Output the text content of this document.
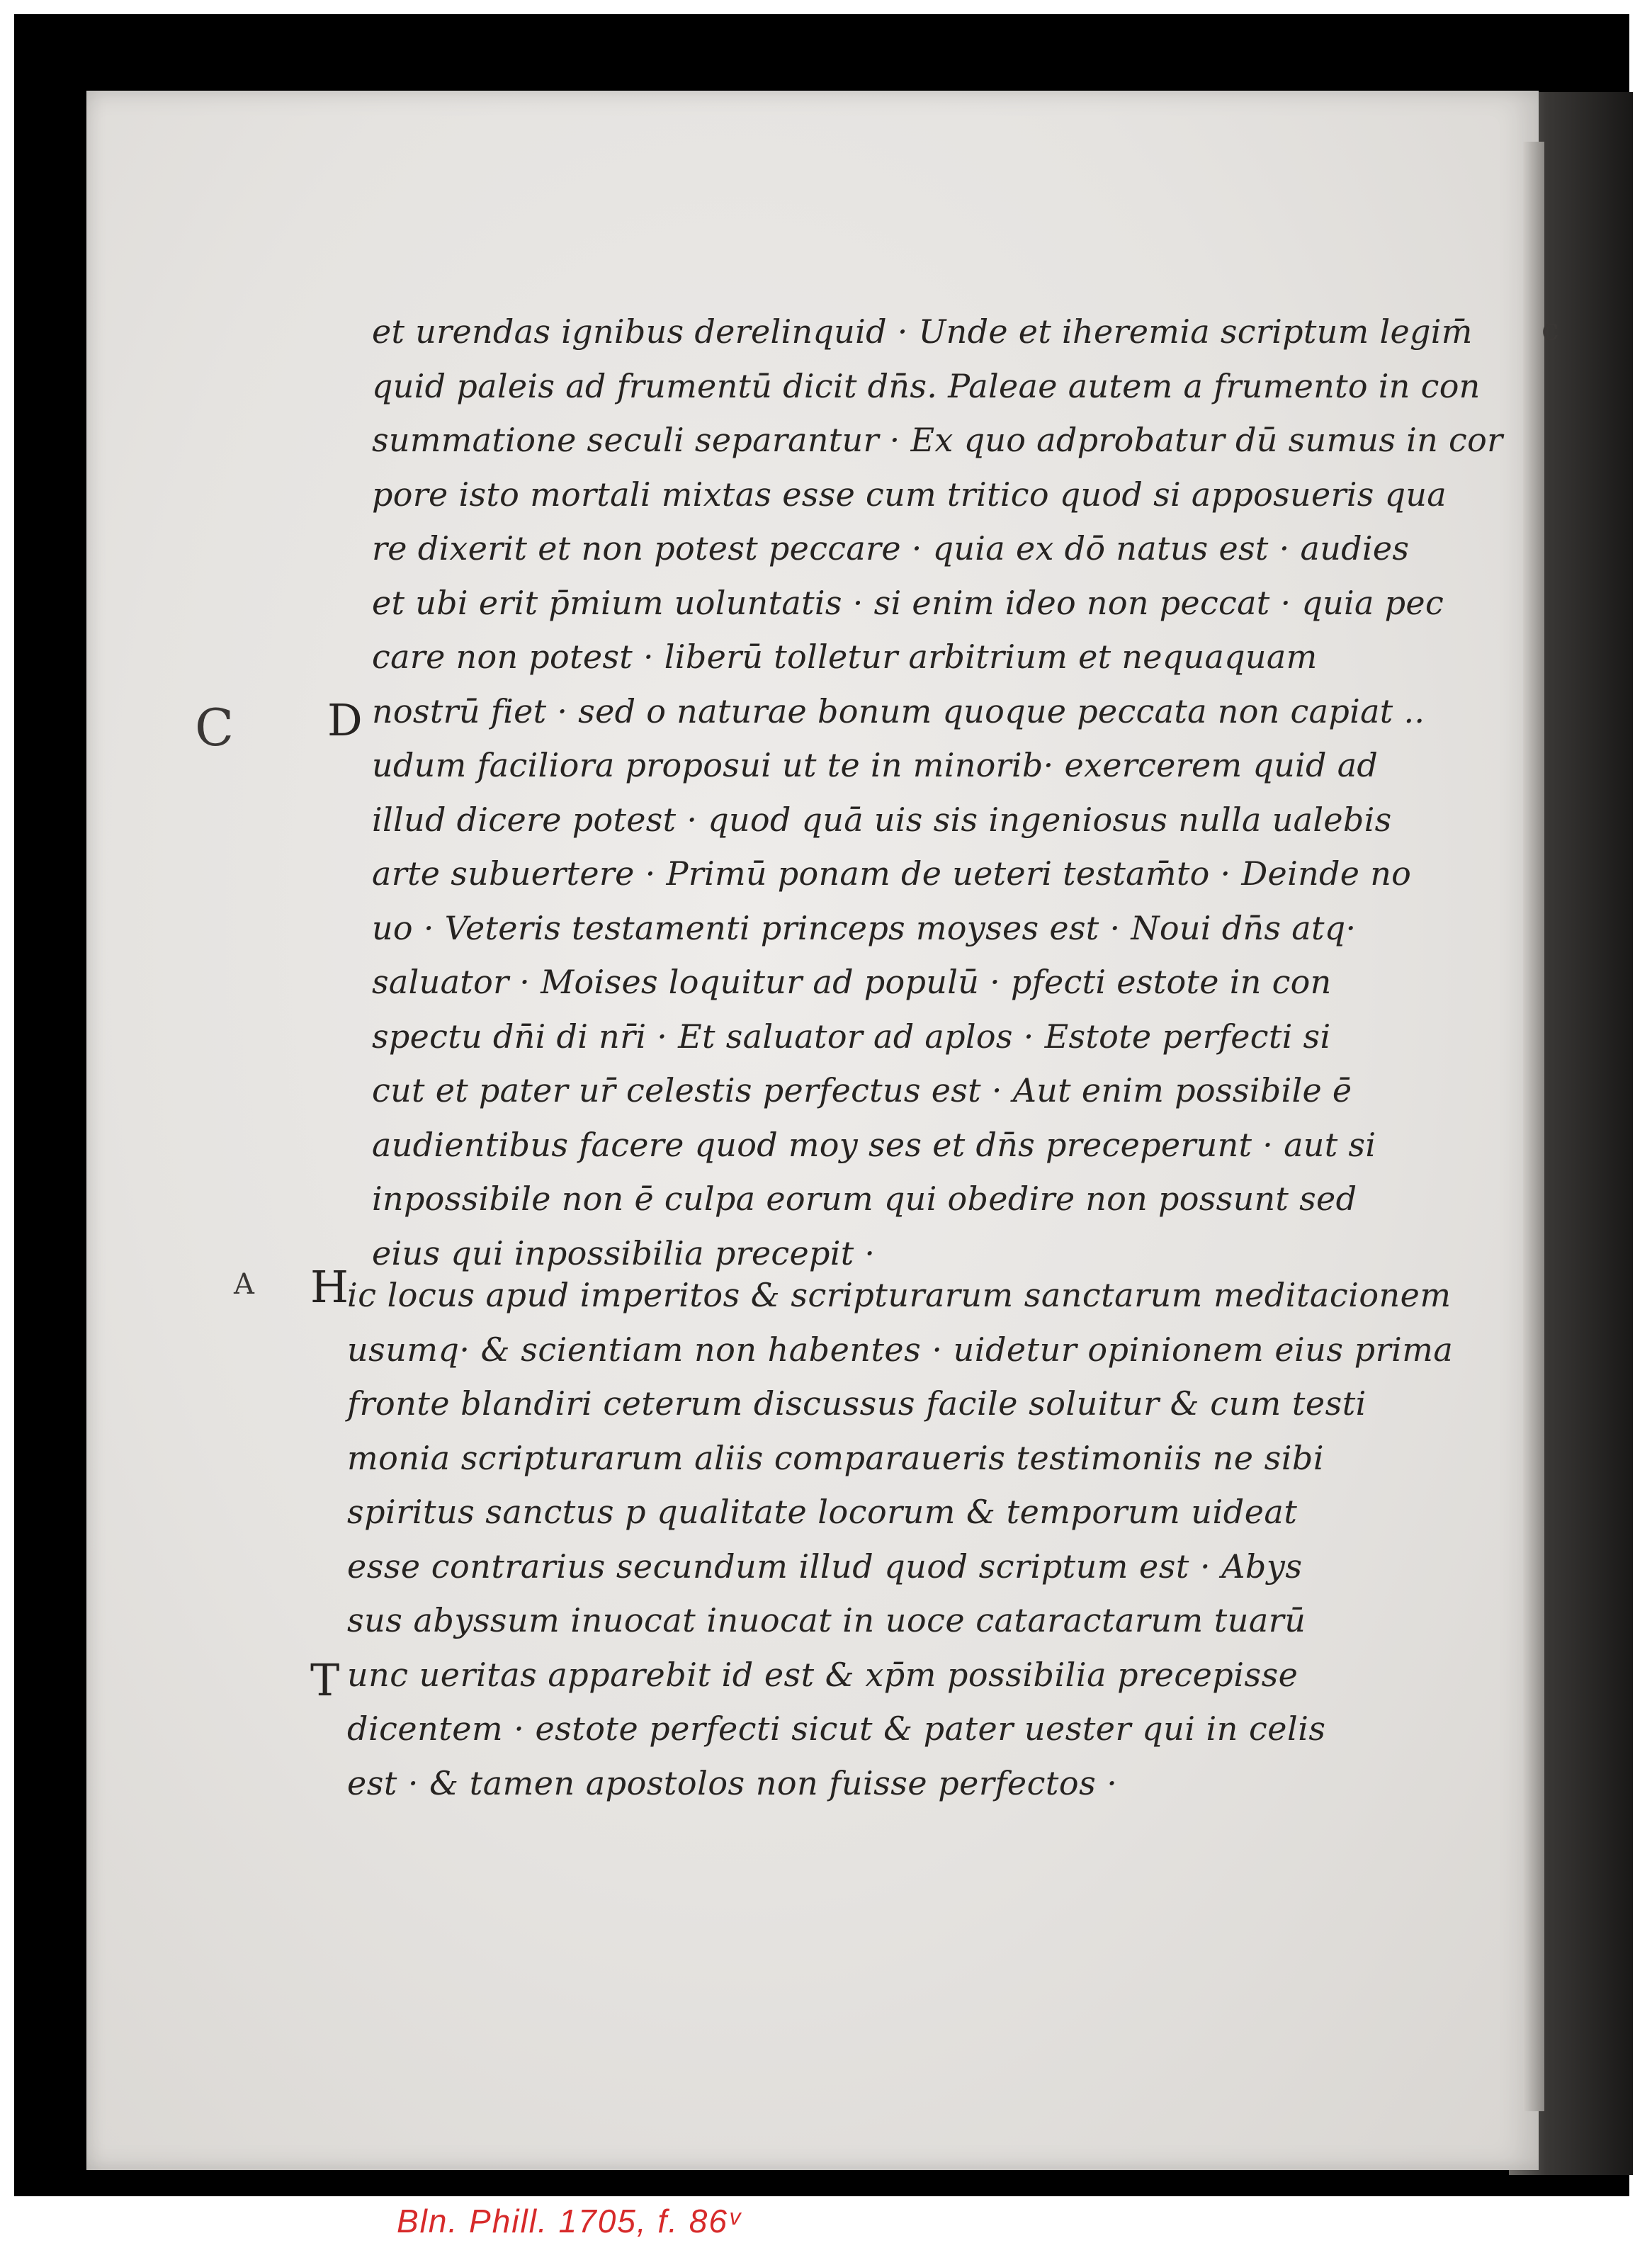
c
C
A
D
H
T
et urendas ignibus derelinquid · Unde et iheremia scriptum legim̄
quid paleis ad frumentū dicit dn̄s. Paleae autem a frumento in con
summatione seculi separantur · Ex quo adprobatur dū sumus in cor
pore isto mortali mixtas esse cum tritico quod si apposueris qua
re dixerit et non potest peccare · quia ex dō natus est · audies
et ubi erit p̄mium uoluntatis · si enim ideo non peccat · quia pec
care non potest · liberū tolletur arbitrium et nequaquam
nostrū fiet · sed o naturae bonum quoque peccata non capiat ..
udum faciliora proposui ut te in minorib· exercerem quid ad
illud dicere potest · quod quā uis sis ingeniosus nulla ualebis
arte subuertere · Primū ponam de ueteri testam̄to · Deinde no
uo · Veteris testamenti princeps moyses est · Noui dn̄s atq·
saluator · Moises loquitur ad populū · pfecti estote in con
spectu dn̄i di nr̄i · Et saluator ad aplos · Estote perfecti si
cut et pater ur̄ celestis perfectus est · Aut enim possibile ē
audientibus facere quod moy ses et dn̄s preceperunt · aut si
inpossibile non ē culpa eorum qui obedire non possunt sed
eius qui inpossibilia precepit ·
ic locus apud imperitos & scripturarum sanctarum meditacionem
usumq· & scientiam non habentes · uidetur opinionem eius prima
fronte blandiri ceterum discussus facile soluitur & cum testi
monia scripturarum aliis comparaueris testimoniis ne sibi
spiritus sanctus p qualitate locorum & temporum uideat
esse contrarius secundum illud quod scriptum est · Abys
sus abyssum inuocat inuocat in uoce cataractarum tuarū
unc ueritas apparebit id est & xp̄m possibilia precepisse
dicentem · estote perfecti sicut & pater uester qui in celis
est · & tamen apostolos non fuisse perfectos ·
Bln. Phill. 1705, f. 86ᵛ
